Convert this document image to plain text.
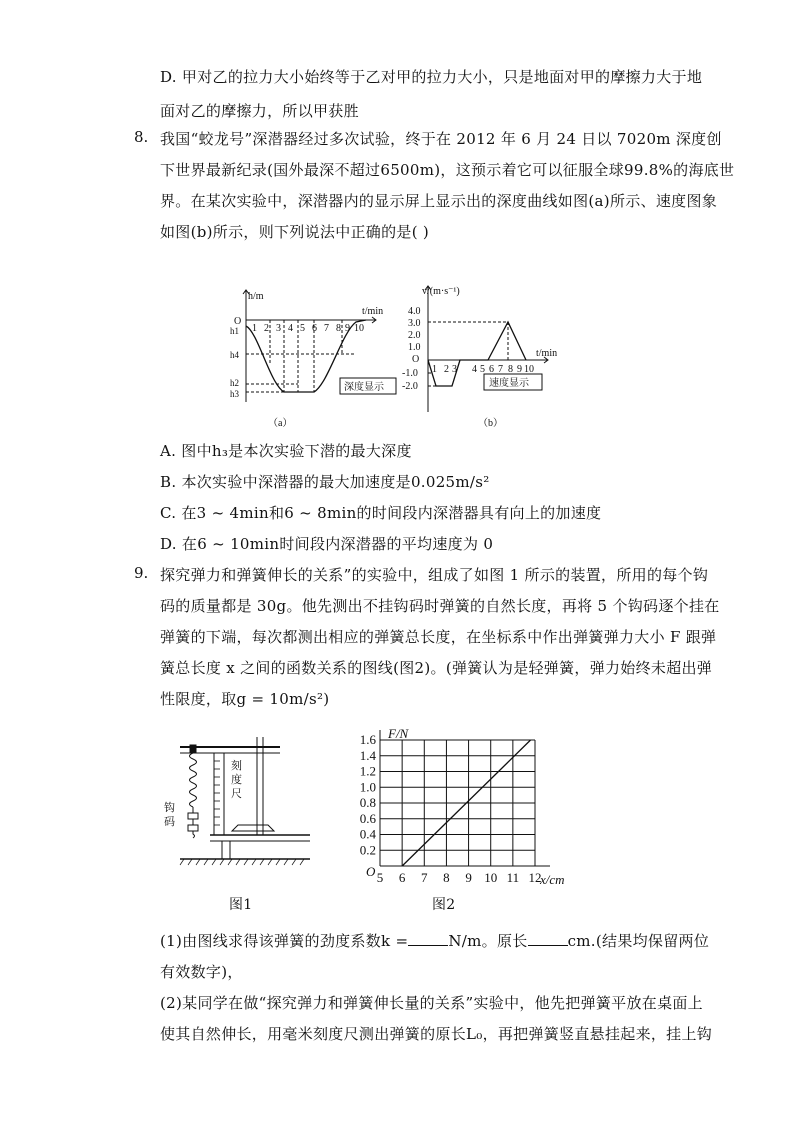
D. 甲对乙的拉力大小始终等于乙对甲的拉力大小，只是地面对甲的摩擦力大于地
面对乙的摩擦力，所以甲获胜
8. 我国“蛟龙号”深潜器经过多次试验，终于在 2012 年 6 月 24 日以 7020m 深度创
下世界最新纪录(国外最深不超过6500m)，这预示着它可以征服全球99.8%的海底世
界。在某次实验中，深潜器内的显示屏上显示出的深度曲线如图(a)所示、速度图象
如图(b)所示，则下列说法中正确的是( )
h/m
t/min
O
1 2 3 4 5 6 7 8 9 10
h1
h4
h2
h3
深度显示
（a）
v/(m·s⁻¹)
t/min
O
4.0
3.0
2.0
1.0
-1.0
-2.0
1 2 3 4 5 6 7 8 9 10
速度显示
（b）
A. 图中h₃是本次实验下潜的最大深度
B. 本次实验中深潜器的最大加速度是0.025m/s²
C. 在3 ~ 4min和6 ~ 8min的时间段内深潜器具有向上的加速度
D. 在6 ~ 10min时间段内深潜器的平均速度为 0
9. 探究弹力和弹簧伸长的关系”的实验中，组成了如图 1 所示的装置，所用的每个钩
码的质量都是 30g。他先测出不挂钩码时弹簧的自然长度，再将 5 个钩码逐个挂在
弹簧的下端，每次都测出相应的弹簧总长度，在坐标系中作出弹簧弹力大小 F 跟弹
簧总长度 x 之间的函数关系的图线(图2)。(弹簧认为是轻弹簧，弹力始终未超出弹
性限度，取g = 10m/s²)
刻
度
尺
钩
码
图1
F/N
x/cm
O
1.6
1.4
1.2
1.0
0.8
0.6
0.4
0.2
5 6 7 8 9 10 11 12
图2
(1)由图线求得该弹簧的劲度系数k =	N/m。原长	cm.(结果均保留两位
有效数字)，
(2)某同学在做“探究弹力和弹簧伸长量的关系”实验中，他先把弹簧平放在桌面上
使其自然伸长，用毫米刻度尺测出弹簧的原长L₀，再把弹簧竖直悬挂起来，挂上钩
